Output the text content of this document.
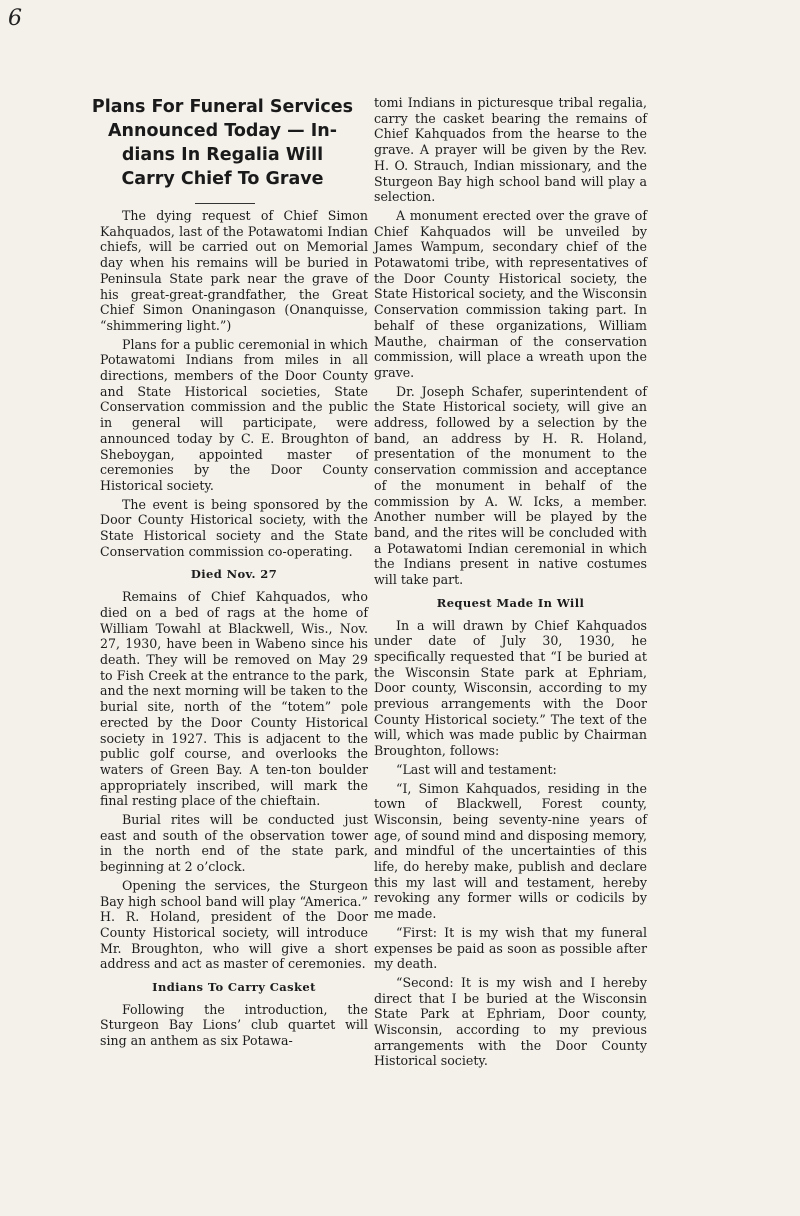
6
Plans For Funeral Services
Announced Today — In-
dians In Regalia Will
Carry Chief To Grave

The dying request of Chief Simon Kahquados, last of the Potawatomi Indian chiefs, will be carried out on Memorial day when his remains will be buried in Peninsula State park near the grave of his great-great-grandfather, the Great Chief Simon Onaningason (Onanquisse, “shimmering light.”)

Plans for a public ceremonial in which Potawatomi Indians from miles in all directions, members of the Door County and State Historical societies, State Conservation commission and the public in general will participate, were announced today by C. E. Broughton of Sheboygan, appointed master of ceremonies by the Door County Historical society.

The event is being sponsored by the Door County Historical society, with the State Historical society and the State Conservation commission co-operating.

Died Nov. 27

Remains of Chief Kahquados, who died on a bed of rags at the home of William Towahl at Blackwell, Wis., Nov. 27, 1930, have been in Wabeno since his death. They will be removed on May 29 to Fish Creek at the entrance to the park, and the next morning will be taken to the burial site, north of the “totem” pole erected by the Door County Historical society in 1927. This is adjacent to the public golf course, and overlooks the waters of Green Bay. A ten-ton boulder appropriately inscribed, will mark the final resting place of the chieftain.

Burial rites will be conducted just east and south of the observation tower in the north end of the state park, beginning at 2 o’clock.

Opening the services, the Sturgeon Bay high school band will play “America.” H. R. Holand, president of the Door County Historical society, will introduce Mr. Broughton, who will give a short address and act as master of ceremonies.

Indians To Carry Casket

Following the introduction, the Sturgeon Bay Lions’ club quartet will sing an anthem as six Potawa-

tomi Indians in picturesque tribal regalia, carry the casket bearing the remains of Chief Kahquados from the hearse to the grave. A prayer will be given by the Rev. H. O. Strauch, Indian missionary, and the Sturgeon Bay high school band will play a selection.

A monument erected over the grave of Chief Kahquados will be unveiled by James Wampum, secondary chief of the Potawatomi tribe, with representatives of the Door County Historical society, the State Historical society, and the Wisconsin Conservation commission taking part. In behalf of these organizations, William Mauthe, chairman of the conservation commission, will place a wreath upon the grave.

Dr. Joseph Schafer, superintendent of the State Historical society, will give an address, followed by a selection by the band, an address by H. R. Holand, presentation of the monument to the conservation commission and acceptance of the monument in behalf of the commission by A. W. Icks, a member. Another number will be played by the band, and the rites will be concluded with a Potawatomi Indian ceremonial in which the Indians present in native costumes will take part.

Request Made In Will

In a will drawn by Chief Kahquados under date of July 30, 1930, he specifically requested that “I be buried at the Wisconsin State park at Ephriam, Door county, Wisconsin, according to my previous arrangements with the Door County Historical society.” The text of the will, which was made public by Chairman Broughton, follows:

“Last will and testament:

“I, Simon Kahquados, residing in the town of Blackwell, Forest county, Wisconsin, being seventy-nine years of age, of sound mind and disposing memory, and mindful of the uncertainties of this life, do hereby make, publish and declare this my last will and testament, hereby revoking any former wills or codicils by me made.

“First: It is my wish that my funeral expenses be paid as soon as possible after my death.

“Second: It is my wish and I hereby direct that I be buried at the Wisconsin State Park at Ephriam, Door county, Wisconsin, according to my previous arrangements with the Door County Historical society.
